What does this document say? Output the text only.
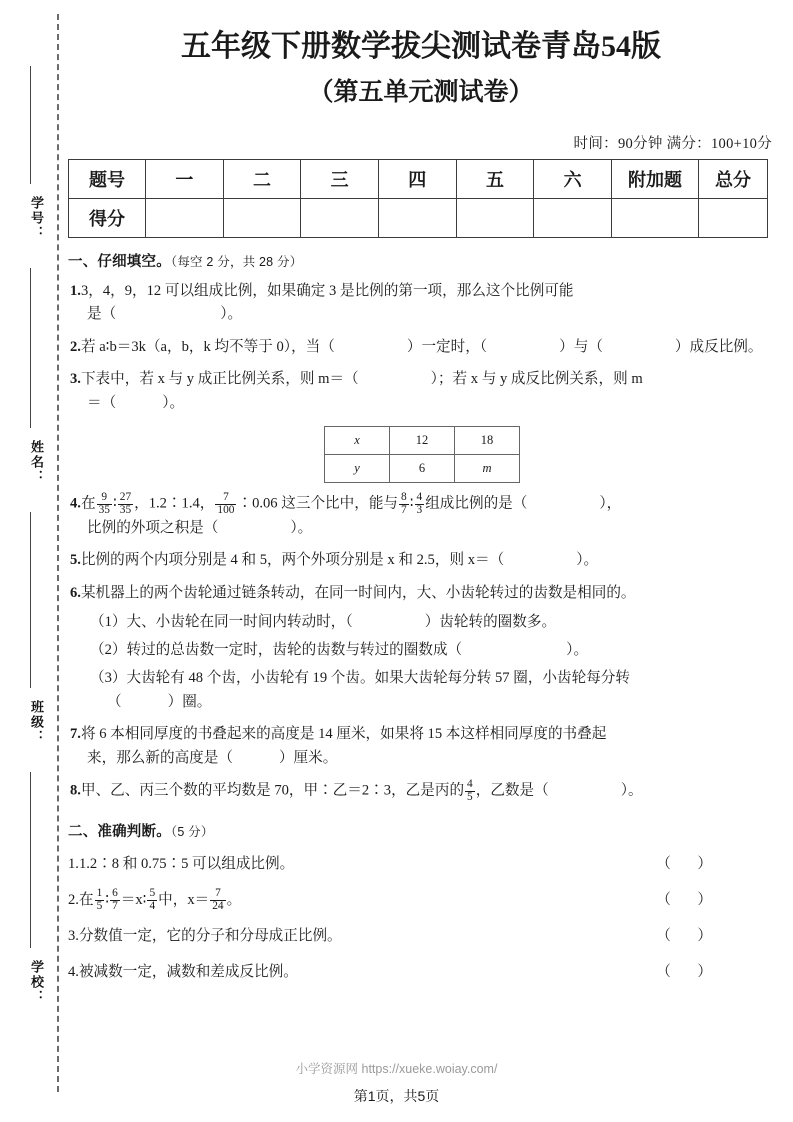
学号：
姓名：
班级：
学校：
五年级下册数学拔尖测试卷青岛54版
（第五单元测试卷）
时间：90分钟 满分：100+10分
题号	一	二	三	四	五	六	附加题	总分
得分								
一、仔细填空。（每空 2 分，共 28 分）
1.3，4，9，12 可以组成比例，如果确定 3 是比例的第一项，那么这个比例可能
是（	）。
2.若 a∶b＝3k（a，b，k 均不等于 0），当（	）一定时，（	）与（	）成反比例。
3.下表中，若 x 与 y 成正比例关系，则 m＝（	）；若 x 与 y 成反比例关系，则 m
＝（	）。
x	12	18
y	6	m
4.在 $\frac{9}{35}$ ∶ $\frac{27}{35}$ ，1.2∶1.4， $\frac{7}{100}$ ∶0.06 这三个比中，能与 $\frac{8}{7}$ ∶ $\frac{4}{3}$ 组成比例的是（	），
比例的外项之积是（	）。
5.比例的两个内项分别是 4 和 5，两个外项分别是 x 和 2.5，则 x＝（	）。
6.某机器上的两个齿轮通过链条转动，在同一时间内，大、小齿轮转过的齿数是相同的。
（1）大、小齿轮在同一时间内转动时，（	）齿轮转的圈数多。
（2）转过的总齿数一定时，齿轮的齿数与转过的圈数成（	）。
（3）大齿轮有 48 个齿，小齿轮有 19 个齿。如果大齿轮每分转 57 圈，小齿轮每分转
（	）圈。
7.将 6 本相同厚度的书叠起来的高度是 14 厘米，如果将 15 本这样相同厚度的书叠起
来，那么新的高度是（	）厘米。
8.甲、乙、丙三个数的平均数是 70，甲∶乙＝2∶3，乙是丙的 $\frac{4}{5}$ ，乙数是（	）。
二、准确判断。（5 分）
1.1.2∶8 和 0.75∶5 可以组成比例。	（　）
2.在 $\frac{1}{5}$ ∶ $\frac{6}{7}$ ＝x∶ $\frac{5}{4}$ 中，$x= \frac{7}{24}$ 。	（　）
3.分数值一定，它的分子和分母成正比例。	（　）
4.被减数一定，减数和差成反比例。	（　）
小学资源网 https://xueke.woiay.com/
第1页，共5页
